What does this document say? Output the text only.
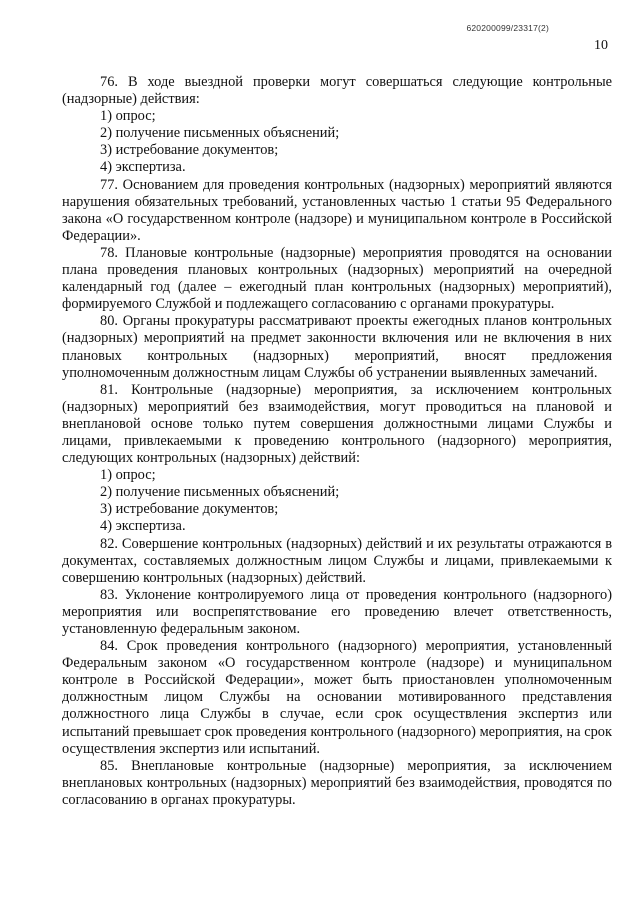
620200099/23317(2)
10

76. В ходе выездной проверки могут совершаться следующие контрольные (надзорные) действия:

1) опрос;

2) получение письменных объяснений;

3) истребование документов;

4) экспертиза.

77. Основанием для проведения контрольных (надзорных) мероприятий являются нарушения обязательных требований, установленных частью 1 статьи 95 Федерального закона «О государственном контроле (надзоре) и муниципальном контроле в Российской Федерации».

78. Плановые контрольные (надзорные) мероприятия проводятся на основании плана проведения плановых контрольных (надзорных) мероприятий на очередной календарный год (далее – ежегодный план контрольных (надзорных) мероприятий), формируемого Службой и подлежащего согласованию с органами прокуратуры.

80. Органы прокуратуры рассматривают проекты ежегодных планов контрольных (надзорных) мероприятий на предмет законности включения или не включения в них плановых контрольных (надзорных) мероприятий, вносят предложения уполномоченным должностным лицам Службы об устранении выявленных замечаний.

81. Контрольные (надзорные) мероприятия, за исключением контрольных (надзорных) мероприятий без взаимодействия, могут проводиться на плановой и внеплановой основе только путем совершения должностными лицами Службы и лицами, привлекаемыми к проведению контрольного (надзорного) мероприятия, следующих контрольных (надзорных) действий:

1) опрос;

2) получение письменных объяснений;

3) истребование документов;

4) экспертиза.

82. Совершение контрольных (надзорных) действий и их результаты отражаются в документах, составляемых должностным лицом Службы и лицами, привлекаемыми к совершению контрольных (надзорных) действий.

83. Уклонение контролируемого лица от проведения контрольного (надзорного) мероприятия или воспрепятствование его проведению влечет ответственность, установленную федеральным законом.

84. Срок проведения контрольного (надзорного) мероприятия, установленный Федеральным законом «О государственном контроле (надзоре) и муниципальном контроле в Российской Федерации», может быть приостановлен уполномоченным должностным лицом Службы на основании мотивированного представления должностного лица Службы в случае, если срок осуществления экспертиз или испытаний превышает срок проведения контрольного (надзорного) мероприятия, на срок осуществления экспертиз или испытаний.

85. Внеплановые контрольные (надзорные) мероприятия, за исключением внеплановых контрольных (надзорных) мероприятий без взаимодействия, проводятся по согласованию в органах прокуратуры.
